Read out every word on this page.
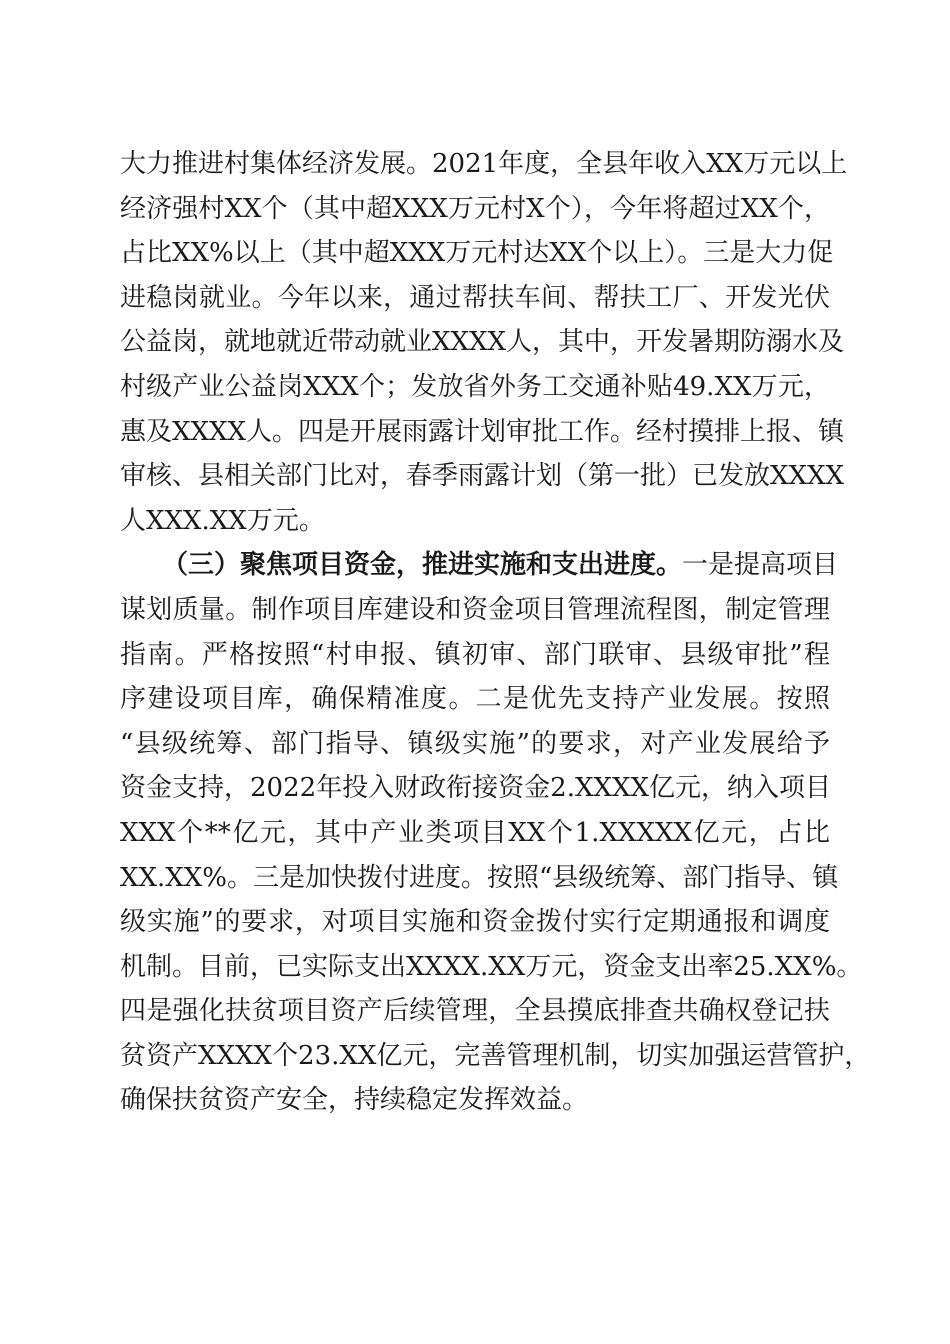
大力推进村集体经济发展。2021年度，全县年收入XX万元以上
经济强村XX个（其中超XXX万元村X个），今年将超过XX个，
占比XX%以上（其中超XXX万元村达XX个以上）。三是大力促
进稳岗就业。今年以来，通过帮扶车间、帮扶工厂、开发光伏
公益岗，就地就近带动就业XXXX人，其中，开发暑期防溺水及
村级产业公益岗XXX个；发放省外务工交通补贴49.XX万元，
惠及XXXX人。四是开展雨露计划审批工作。经村摸排上报、镇
审核、县相关部门比对，春季雨露计划（第一批）已发放XXXX
人XXX.XX万元。
（三）聚焦项目资金，推进实施和支出进度。一是提高项目
谋划质量。制作项目库建设和资金项目管理流程图，制定管理
指南。严格按照“村申报、镇初审、部门联审、县级审批”程
序建设项目库，确保精准度。二是优先支持产业发展。按照
“县级统筹、部门指导、镇级实施”的要求，对产业发展给予
资金支持，2022年投入财政衔接资金2.XXXX亿元，纳入项目
XXX个**亿元，其中产业类项目XX个1.XXXXX亿元，占比
XX.XX%。三是加快拨付进度。按照“县级统筹、部门指导、镇
级实施”的要求，对项目实施和资金拨付实行定期通报和调度
机制。目前，已实际支出XXXX.XX万元，资金支出率25.XX%。
四是强化扶贫项目资产后续管理，全县摸底排查共确权登记扶
贫资产XXXX个23.XX亿元，完善管理机制，切实加强运营管护，
确保扶贫资产安全，持续稳定发挥效益。
